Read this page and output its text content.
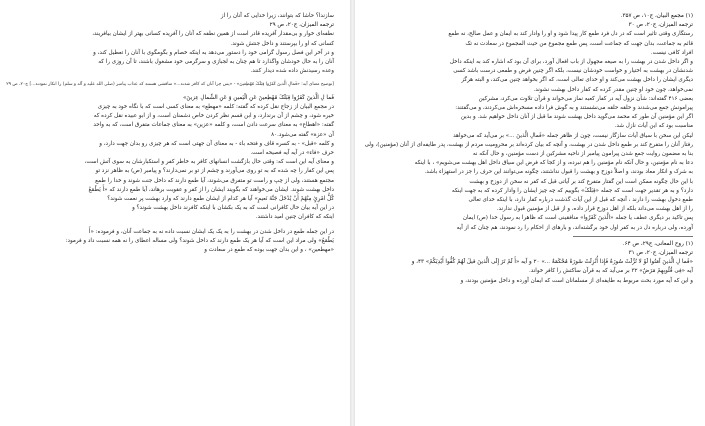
سازندا؟ حاشا که بتوانند، زیرا خدایی که آنان را از
ترجمه المیزان، ج۲۰، ص ۲۹
نطفه‌ای خوار و بی‌مقدار آفریده قادر است از همین نطفه که آنان را آفریده کسانی بهتر از ایشان بیافریند،
کسانی که او را بپرستند و داخل جنتش شوند.
و در آخر این فصل رسول گرامی خود را دستور می‌دهد به اینکه خصام و بگومگوی با آنان را تعطیل کند، و
آنان را به حال خودشان واگذارد تا هم چنان به لجبازی و سرگرمی خود مشغول باشند، تا آن روزی را که
وعده رسیدنش داده شده دیدار کنند.
[توضیح معنای آیه: «فَمالِ الَّذینَ کَفَرُوا قِبَلَکَ مُهْطِعینَ» - «پس چرا آنان که کافر شدند...» مناقشی هستند که عذاب پیامبر (صلی الله علیه و آله و سلم) را انکار نمودند...] ج۲۰، ص ۲۹
فَما لِ الَّذینَ کَفَرُوا قِبَلَکَ مُهْطِعینَ عَنِ الْیَمینِ وَ عَنِ الشِّمالِ عِزینَ»
در مجمع البیان از زجاج نقل کرده که گفته: کلمه «مهطع» به معنای کسی است که با نگاه خود به چیزی
خیره شود، و چشم از آن برندارد، و ابن قسم نظر کردن خاص دشمنان است، و از ابو عبیده نقل کرده که
گفته: «اهطاع» به معنای سرعت دادن است، و کلمه «عزین» به معنای جماعات متفرق است، که به واحد
آن «عزة» گفته می‌شود.۸۰
و کلمه «قبل» - به کسره قاف و فتحه باء - به معنای آن جهتی است که هر چیزی رو بدان جهت دارد، و
حرف «فاء» در آیه آیه فصیحه است.
و معنای آیه این است که: وقتی حال بازگشت انسانهای کافر به خاطر کفر و استکبارشان به سوی آتش است،
پس این کفار را چه شده که به تو روی می‌آورند و چشم از تو بر نمی‌دارند؟ و پیامبر (ص) به ظاهر نزد تو
مجتمع هستند، ولی از چپ و راست تو متفرق می‌شوند، آیا طمع دارند که داخل جنت شوند و خدا را طمع
داخل بهشت شوند. ایشان می‌خواهند که بگویند ایشان را از کفر و عقوبت برهاند، آیا طمع دارند که «أَ یَطْمَعُ
کُلُّ امْرِئٍ مِنْهُمْ أَنْ یُدْخَلَ جَنَّةَ نَعیمٍ» آیا هر کدام از ایشان طمع دارند که وارد بهشت پر نعمت شوند؟
در این آیه بیان حال کافرانی است که به یک بکشان با اینکه کافرند داخل بهشت شوند؟ و
اینکه که کافران چنین امید داشتند.
در این جمله طمع در داخل شدن در بهشت را به یک یک ایشان نسبت داده نه به جماعت آنان، و فرموده: «أَ
یَطْمَعُ» ولی مراد این است که آیا هر یک طمع دارند که داخل شوند؟ ولی مساله اعطای را نه همه نسبت داد و فرمود:
«مهطعین» ، و این بدان جهت بوده که طمع در سعادت و
(۱) مجمع البیان، ج۱۰، ص ۳۵۷.
ترجمه المیزان، ج۲۰، ص ۳۰
رستگاری وقتی تاثیر است که در دل فرد طمع کار پیدا شود و او را وادار کند به ایمان و عمل صالح، نه طمع
قائم به جماعت، بدان جهت که جماعت است، پس طمع مجموع من حیث المجموع در سعادت نه تک
افراد کافی نیست.
و اگر داخل شدن در بهشت را به صیغه مجهول از باب افعال آورد، برای آن بود که اشاره کند به اینکه داخل
شدنشان در بهشت به اختیار و خواست خودشان نیست، بلکه اگر چنین فرض و طمعی درست باشد کسی
دیگری ایشان را داخل بهشت می‌کند و او خدای تعالی است، که اگر بخواهد چنین می‌کند، و البته هرگز
نمی‌خواهد، چون خود او چنین مقدر کرده که کفار داخل بهشت نشوند.
بعضی ۴۱۶ گفته‌اند: شأن نزول آیه در کفار کعبه نماز می‌خواند و قرآن تلاوت می‌کرد، مشرکین
پیرامونش جمع می‌شدند و حلقه حلقه می‌نشستند و به گوش فرا داده مسخره‌اش می‌کردند، و می‌گفتند:
اگر این مؤمنین آن طور که محمد می‌گوید داخل بهشت شوند ما قبل از آنان داخل خواهیم شد. و بدین
مناسبت بود که این آیات نازل شد.
لیکن این سخن با سیاق آیات سازگار نیست، چون از ظاهر جمله «فَمالِ الَّذینَ ...» بر می‌آید که می‌خواهد
رفتار آنان را متفرع کند بر طمع داخل شدن در بهشت، و آنچه که بیان کرده‌اند بر محرومیت مردم از بهشت، پدر طایفه‌ای از آنان (مؤمنین)، ولی
بنا به مضمون روایت جمع شدن پیرامون پیامبر از ناحیه مشرکین از دست مؤمنین، و حال آنکه نه
دعا به نام مؤمنین، و حال آنکه نام مؤمنین را هم نبرده، و از کجا که فرض این سیاق داخل اهل بهشت می‌شویم» ، با اینکه
به شرک و انکار معاد بودند، و اصلاً دوزخ و بهشت را قبول نداشتند، چگونه می‌توانند این حرف را جز در استهزاء باشد.
با این حال چگونه ممکن است این گفتار متفرع کند بر آیاتی قبل که کفر نه سخن از دوزخ و بهشت
دارد؟ و به هر تقدیر جهت است که جمله «قِبَلَکَ» بگوییم که چه چیز ایشان را وادار کرده که به جهت اینکه
طمع دخول بهشت را دارند ، آنچه که قبل از این آیات گذشت درباره کفار دارد، با اینکه خدای تعالی
را از اهل بهشت می‌داند بلکه از اهل دوزخ قرار داده، و از قبل از مؤمنین قبول ندارند.
پس تاکید بر دیگری عطف یا جمله «الَّذینَ کَفَرُوا» منافقینی است که ظاهرا به رسول خدا (ص) ایمان
آورده، ولی درباره دل در به کفر اول خود برگشته‌اند، و بارهای از احکام را رد نمودند، هم چنان که از آیه
(۱) روح المعانی، ج۲۹، ص ۶۴.
ترجمه المیزان، ج۲۰، ص ۳۱
«فَما لِ الَّذینَ آمَنُوا لَوْ لا نُزِّلَتْ سُورَةٌ فَإِذا أُنْزِلَتْ سُورَةٌ مُحْکَمَةٌ ...» ۲۰ و آیه «أَ لَمْ تَرَ إِلَی الَّذینَ قیلَ لَهُمْ کُفُّوا أَیْدِیَکُمْ» ۴۳، و
آیه «فِی قُلُوبِهِمْ مَرَضٌ» ۳۲ بر می‌آید که به قرآن ساکتش را کافر خواند.
و این که آیه مورد بحث مربوط به طایفه‌ای از مسلمانان است که ایمان آورده و داخل مؤمنین بودند، و
